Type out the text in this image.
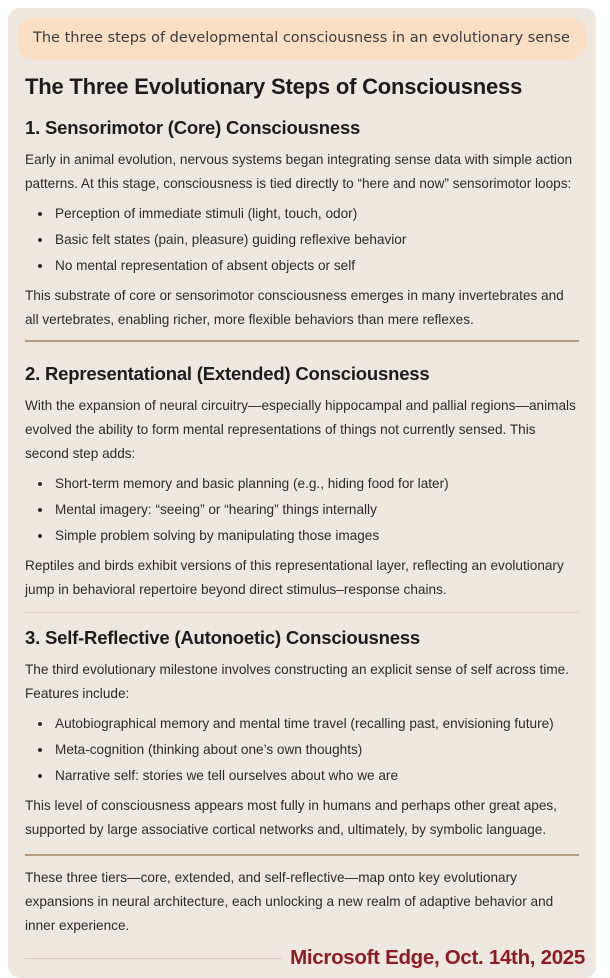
The three steps of developmental consciousness in an evolutionary sense
The Three Evolutionary Steps of Consciousness
1. Sensorimotor (Core) Consciousness

Early in animal evolution, nervous systems began integrating sense data with simple action patterns. At this stage, consciousness is tied directly to “here and now” sensorimotor loops:

Perception of immediate stimuli (light, touch, odor)
Basic felt states (pain, pleasure) guiding reflexive behavior
No mental representation of absent objects or self

This substrate of core or sensorimotor consciousness emerges in many invertebrates and all vertebrates, enabling richer, more flexible behaviors than mere reflexes.

2. Representational (Extended) Consciousness

With the expansion of neural circuitry—especially hippocampal and pallial regions—animals evolved the ability to form mental representations of things not currently sensed. This second step adds:

Short-term memory and basic planning (e.g., hiding food for later)
Mental imagery: “seeing” or “hearing” things internally
Simple problem solving by manipulating those images

Reptiles and birds exhibit versions of this representational layer, reflecting an evolutionary jump in behavioral repertoire beyond direct stimulus–response chains.

3. Self-Reflective (Autonoetic) Consciousness

The third evolutionary milestone involves constructing an explicit sense of self across time. Features include:

Autobiographical memory and mental time travel (recalling past, envisioning future)
Meta-cognition (thinking about one’s own thoughts)
Narrative self: stories we tell ourselves about who we are

This level of consciousness appears most fully in humans and perhaps other great apes, supported by large associative cortical networks and, ultimately, by symbolic language.

These three tiers—core, extended, and self-reflective—map onto key evolutionary expansions in neural architecture, each unlocking a new realm of adaptive behavior and inner experience.

Microsoft Edge, Oct. 14th, 2025
